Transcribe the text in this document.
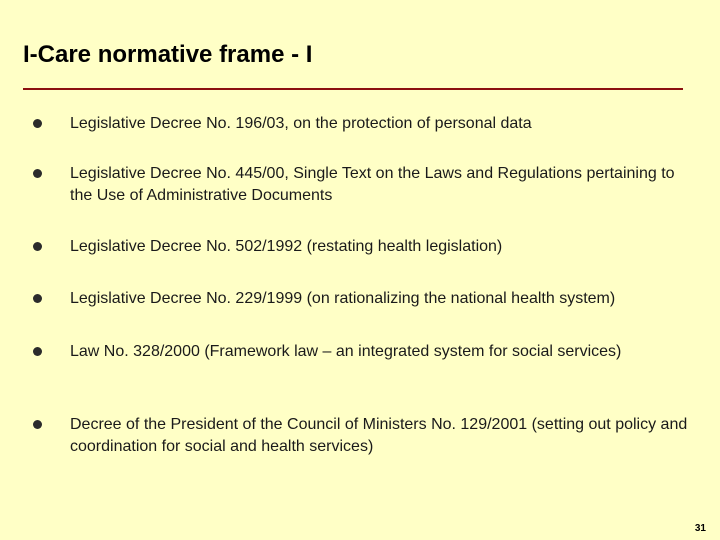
I-Care normative frame - I
Legislative Decree No. 196/03, on the protection of personal data
Legislative Decree No. 445/00, Single Text on the Laws and Regulations pertaining to the Use of Administrative Documents
Legislative Decree No. 502/1992 (restating health legislation)
Legislative Decree No. 229/1999 (on rationalizing the national health system)
Law No. 328/2000 (Framework law – an integrated system for social services)
Decree of the President of the Council of Ministers No. 129/2001 (setting out policy and coordination for social and health services)
31
